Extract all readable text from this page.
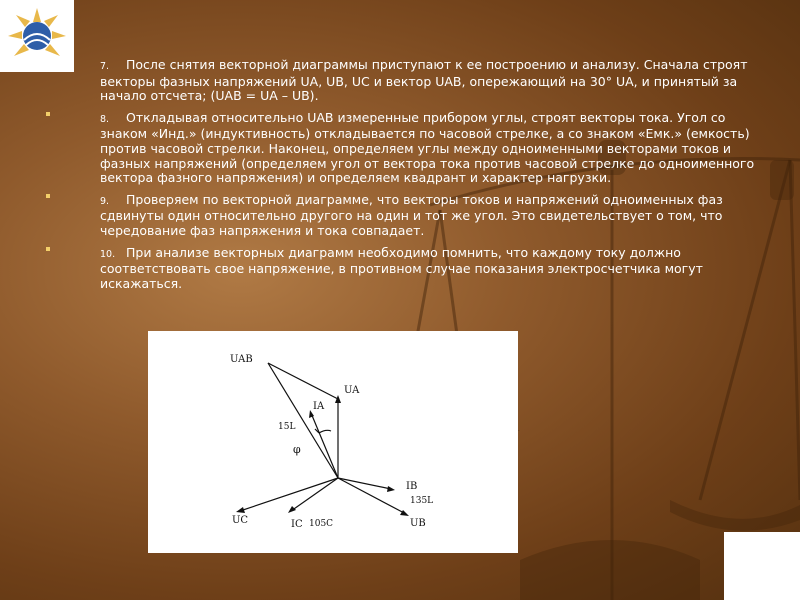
7. После снятия векторной диаграммы приступают к ее построению и анализу. Сначала строят векторы фазных напряжений UA, UB, UC и вектор UAB, опережающий на 30° UA, и принятый за начало отсчета; (UAB = UA – UB).
8. Откладывая относительно UAB измеренные прибором углы, строят векторы тока. Угол со знаком «Инд.» (индуктивность) откладывается по часовой стрелке, а со знаком «Емк.» (емкость) против часовой стрелки. Наконец, определяем углы между одноименными векторами токов и фазных напряжений (определяем угол от вектора тока против часовой стрелке до одноименного вектора фазного напряжения) и определяем квадрант и характер нагрузки.
9. Проверяем по векторной диаграмме, что векторы токов и напряжений одноименных фаз сдвинуты один относительно другого на один и тот же угол. Это свидетельствует о том, что чередование фаз напряжения и тока совпадает.
10. При анализе векторных диаграмм необходимо помнить, что каждому току должно соответствовать свое напряжение, в противном случае показания электросчетчика могут искажаться.
UAB
UA
IA
15L
φ
IB
135L
UC	IC 105C	UB
